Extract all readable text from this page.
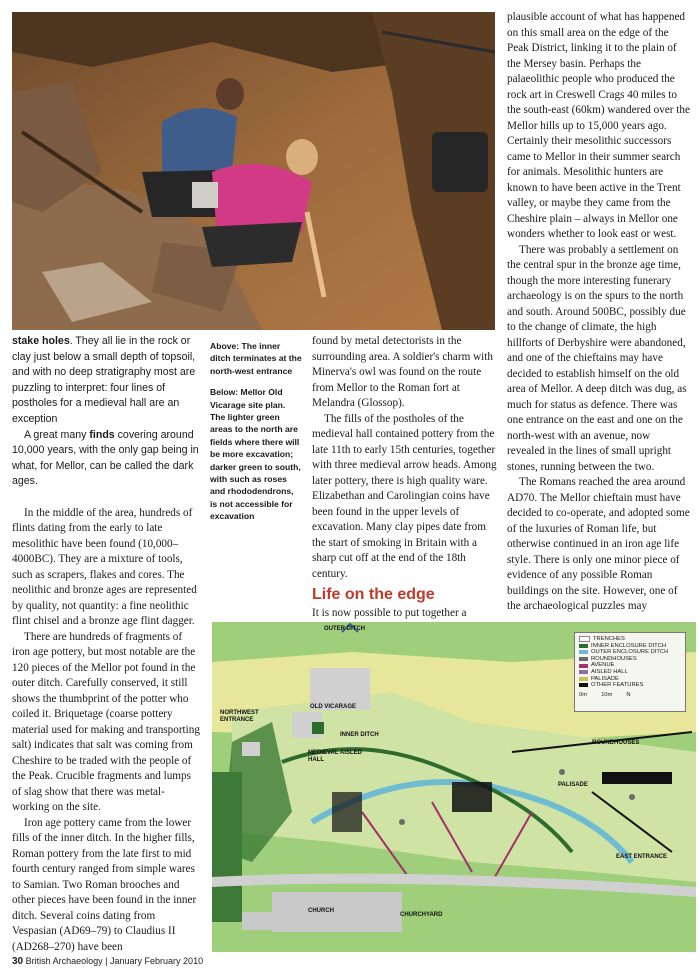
stake holes. They all lie in the rock or clay just below a small depth of topsoil, and with no deep stratigraphy most are puzzling to interpret: four lines of postholes for a medieval hall are an exception

A great many finds covering around 10,000 years, with the only gap being in what, for Mellor, can be called the dark ages.

In the middle of the area, hundreds of flints dating from the early to late mesolithic have been found (10,000–4000BC). They are a mixture of tools, such as scrapers, flakes and cores. The neolithic and bronze ages are represented by quality, not quantity: a fine neolithic flint chisel and a bronze age flint dagger.

There are hundreds of fragments of iron age pottery, but most notable are the 120 pieces of the Mellor pot found in the outer ditch. Carefully conserved, it still shows the thumbprint of the potter who coiled it. Briquetage (coarse pottery material used for making and transporting salt) indicates that salt was coming from Cheshire to be traded with the people of the Peak. Crucible fragments and lumps of slag show that there was metal-working on the site.

Iron age pottery came from the lower fills of the inner ditch. In the higher fills, Roman pottery from the late first to mid fourth century ranged from simple wares to Samian. Two Roman brooches and other pieces have been found in the inner ditch. Several coins dating from Vespasian (AD69–79) to Claudius II (AD268–270) have been

Above: The inner ditch terminates at the north-west entrance

Below: Mellor Old Vicarage site plan. The lighter green areas to the north are fields where there will be more excavation; darker green to south, with such as roses and rhododendrons, is not accessible for excavation

found by metal detectorists in the surrounding area. A soldier's charm with Minerva's owl was found on the route from Mellor to the Roman fort at Melandra (Glossop).

The fills of the postholes of the medieval hall contained pottery from the late 11th to early 15th centuries, together with three medieval arrow heads. Among later pottery, there is high quality ware. Elizabethan and Carolingian coins have been found in the upper levels of excavation. Many clay pipes date from the start of smoking in Britain with a sharp cut off at the end of the 18th century.

Life on the edge

It is now possible to put together a

plausible account of what has happened on this small area on the edge of the Peak District, linking it to the plain of the Mersey basin. Perhaps the palaeolithic people who produced the rock art in Creswell Crags 40 miles to the south-east (60km) wandered over the Mellor hills up to 15,000 years ago. Certainly their mesolithic successors came to Mellor in their summer search for animals. Mesolithic hunters are known to have been active in the Trent valley, or maybe they came from the Cheshire plain – always in Mellor one wonders whether to look east or west.

There was probably a settlement on the central spur in the bronze age time, though the more interesting funerary archaeology is on the spurs to the north and south. Around 500BC, possibly due to the change of climate, the high hillforts of Derbyshire were abandoned, and one of the chieftains may have decided to establish himself on the old area of Mellor. A deep ditch was dug, as much for status as defence. There was one entrance on the east and one on the north-west with an avenue, now revealed in the lines of small upright stones, running between the two.

The Romans reached the area around AD70. The Mellor chieftain must have decided to co-operate, and adopted some of the luxuries of Roman life, but otherwise continued in an iron age life style. There is only one minor piece of evidence of any possible Roman buildings on the site. However, one of the archaeological puzzles may

TRENCHES
INNER ENCLOSURE DITCH
OUTER ENCLOSURE DITCH
ROUNDHOUSES
AVENUE
AISLED HALL
PALISADE
OTHER FEATURES
0m 10m N
OUTER DITCH
NORTHWEST ENTRANCE
OLD VICARAGE
INNER DITCH
MEDIEVAL AISLED HALL
ROUNDHOUSES
PALISADE
EAST ENTRANCE
CHURCH
CHURCHYARD
30 British Archaeology | January February 2010
